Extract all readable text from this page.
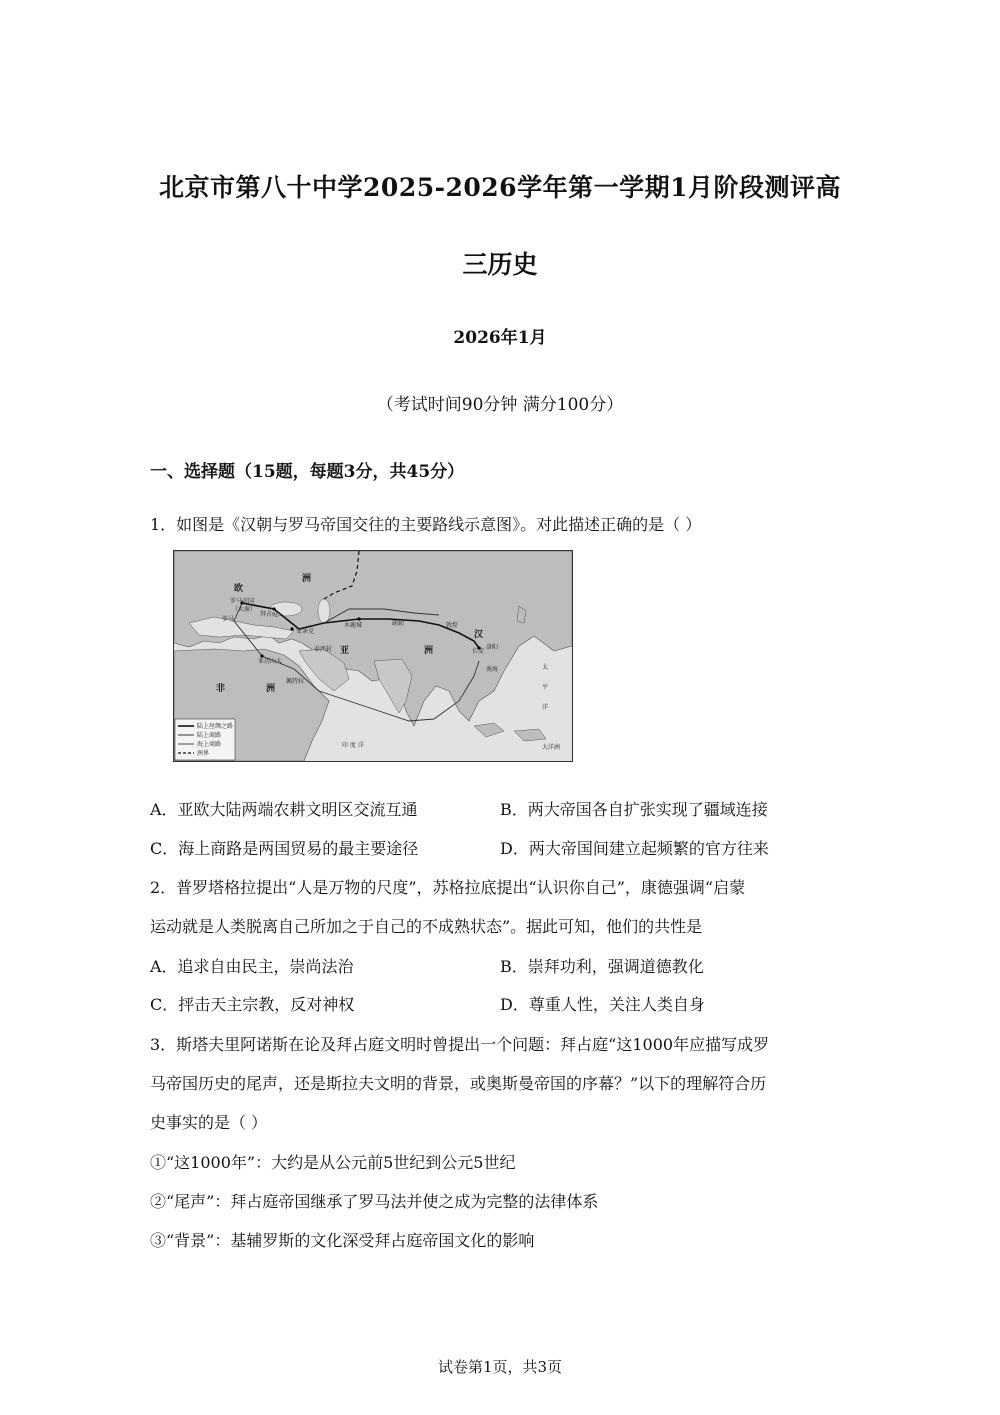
北京市第八十中学2025-2026学年第一学期1月阶段测评高
三历史
2026年1月
（考试时间90分钟 满分100分）
一、选择题（15题，每题3分，共45分）
1．如图是《汉朝与罗马帝国交往的主要路线示意图》。对此描述正确的是（ ）
欧
洲
罗马帝国
（大秦）
罗马
拜占庭
安条克
木鹿城	疏勒	敦煌
汉
长安
洛阳
南海
亚历山大
佩特拉
泰西封 亚	洲
非	洲
印 度 洋
太
平
洋
大洋洲
陆上丝绸之路
陆上商路
海上商路
洲界
A．亚欧大陆两端农耕文明区交流互通	B．两大帝国各自扩张实现了疆域连接
C．海上商路是两国贸易的最主要途径	D．两大帝国间建立起频繁的官方往来
2．普罗塔格拉提出“人是万物的尺度”，苏格拉底提出“认识你自己”，康德强调“启蒙
运动就是人类脱离自己所加之于自己的不成熟状态”。据此可知，他们的共性是
A．追求自由民主，崇尚法治	B．崇拜功利，强调道德教化
C．抨击天主宗教，反对神权	D．尊重人性，关注人类自身
3．斯塔夫里阿诺斯在论及拜占庭文明时曾提出一个问题：拜占庭“这1000年应描写成罗
马帝国历史的尾声，还是斯拉夫文明的背景，或奥斯曼帝国的序幕？”以下的理解符合历
史事实的是（ ）
①“这1000年”：大约是从公元前5世纪到公元5世纪
②“尾声”：拜占庭帝国继承了罗马法并使之成为完整的法律体系
③“背景”：基辅罗斯的文化深受拜占庭帝国文化的影响
试卷第1页，共3页
